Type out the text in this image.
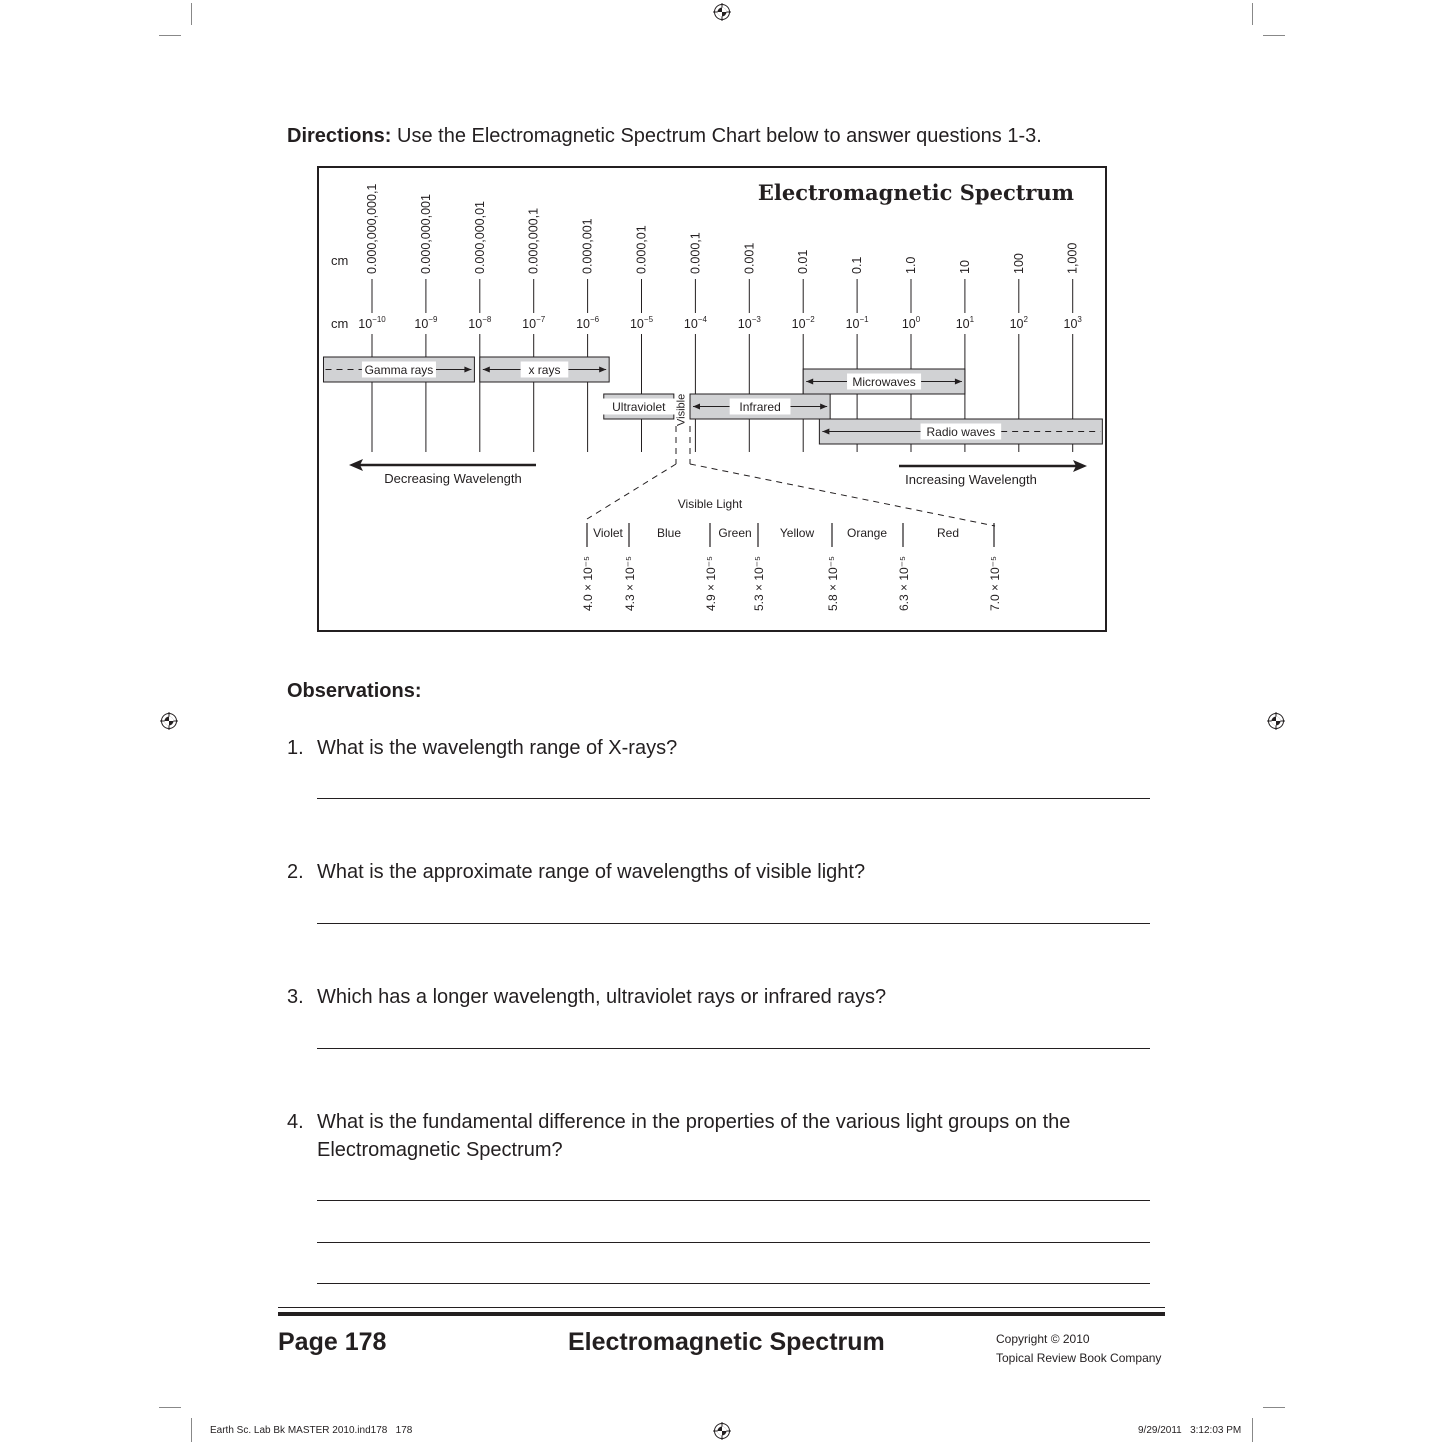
Directions: Use the Electromagnetic Spectrum Chart below to answer questions 1-3.
Electromagnetic Spectrum
cm
cm
0.000,000,000,1	0.000,000,001	0.000,000,01	0.000,000,1	0.000,001	0.000,01	0.000,1	0.001	0.01	0.1	1.0	10	100	1,000
$10^{-10}$ $10^{-9}$ $10^{-8}$ $10^{-7}$ $10^{-6}$ $10^{-5}$ $10^{-4}$ $10^{-3}$ $10^{-2}$ $10^{-1}$	$10^0$	$10^1$	$10^2$	$10^3$
Gamma rays	x rays
Ultraviolet Visible	Infrared
Microwaves
Radio waves
Decreasing Wavelength	Increasing Wavelength
Visible Light
4.0 × 10⁻⁵ 4.3 × 10⁻⁵	4.9 × 10⁻⁵	5.3 × 10⁻⁵	5.8 × 10⁻⁵	6.3 × 10⁻⁵	7.0 × 10⁻⁵
Violet	Blue	Green Yellow	Orange	Red
Observations:
1. What is the wavelength range of X-rays?
2. What is the approximate range of wavelengths of visible light?
3. Which has a longer wavelength, ultraviolet rays or infrared rays?
4. What is the fundamental difference in the properties of the various light groups on the Electromagnetic Spectrum?
Page 178	Electromagnetic Spectrum	Copyright © 2010
Topical Review Book Company
Earth Sc. Lab Bk MASTER 2010.ind178   178	9/29/2011   3:12:03 PM
